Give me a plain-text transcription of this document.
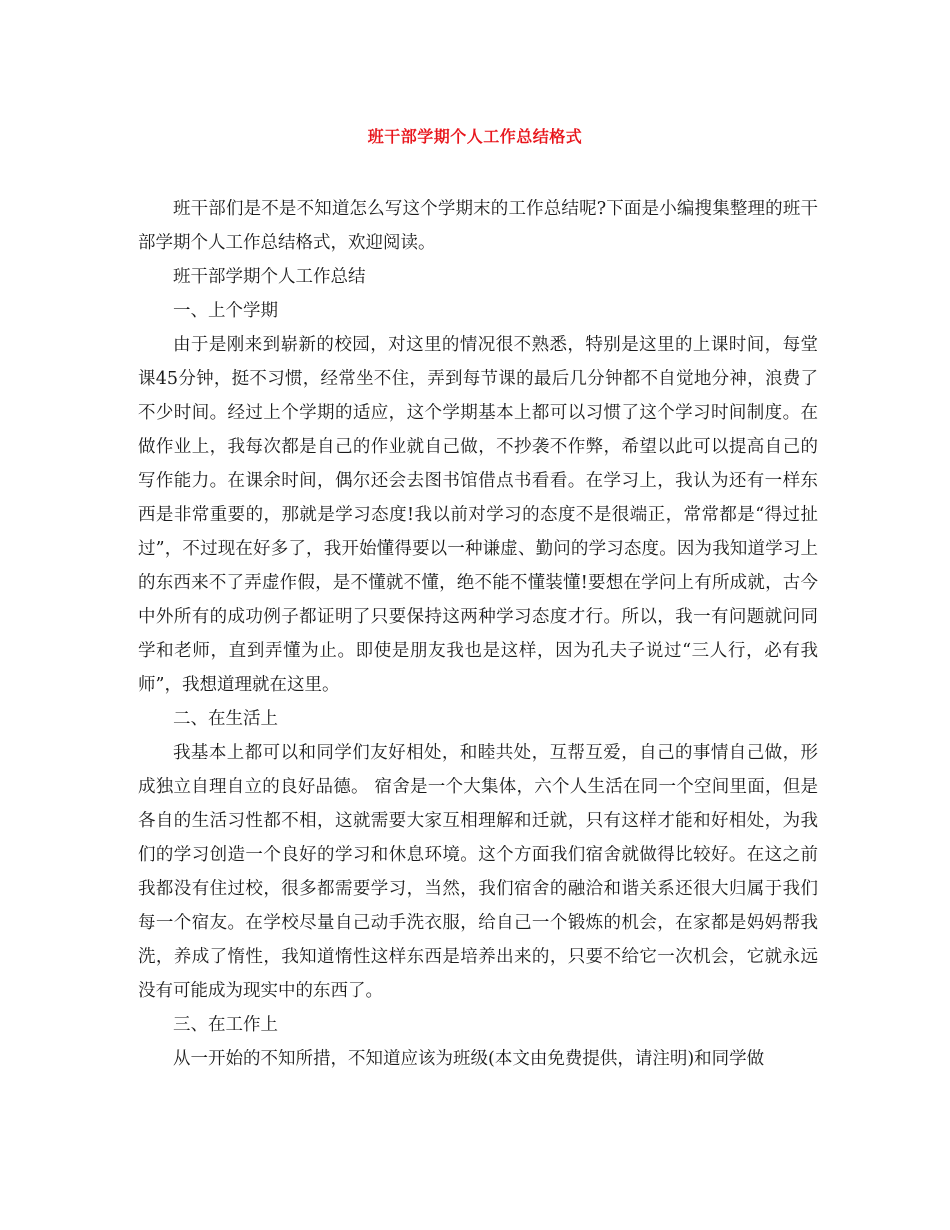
班干部学期个人工作总结格式

班干部们是不是不知道怎么写这个学期末的工作总结呢?下面是小编搜集整理的班干部学期个人工作总结格式，欢迎阅读。

班干部学期个人工作总结

一、上个学期

由于是刚来到崭新的校园，对这里的情况很不熟悉，特别是这里的上课时间，每堂课45分钟，挺不习惯，经常坐不住，弄到每节课的最后几分钟都不自觉地分神，浪费了不少时间。经过上个学期的适应，这个学期基本上都可以习惯了这个学习时间制度。在做作业上，我每次都是自己的作业就自己做，不抄袭不作弊，希望以此可以提高自己的写作能力。在课余时间，偶尔还会去图书馆借点书看看。在学习上，我认为还有一样东西是非常重要的，那就是学习态度!我以前对学习的态度不是很端正，常常都是“得过扯过”，不过现在好多了，我开始懂得要以一种谦虚、勤问的学习态度。因为我知道学习上的东西来不了弄虚作假，是不懂就不懂，绝不能不懂装懂!要想在学问上有所成就，古今中外所有的成功例子都证明了只要保持这两种学习态度才行。所以，我一有问题就问同学和老师，直到弄懂为止。即使是朋友我也是这样，因为孔夫子说过“三人行，必有我师”，我想道理就在这里。

二、在生活上

我基本上都可以和同学们友好相处，和睦共处，互帮互爱，自己的事情自己做，形成独立自理自立的良好品德。 宿舍是一个大集体，六个人生活在同一个空间里面，但是各自的生活习性都不相，这就需要大家互相理解和迁就，只有这样才能和好相处，为我们的学习创造一个良好的学习和休息环境。这个方面我们宿舍就做得比较好。在这之前我都没有住过校，很多都需要学习，当然，我们宿舍的融洽和谐关系还很大归属于我们每一个宿友。在学校尽量自己动手洗衣服，给自己一个锻炼的机会，在家都是妈妈帮我洗，养成了惰性，我知道惰性这样东西是培养出来的，只要不给它一次机会，它就永远没有可能成为现实中的东西了。

三、在工作上

从一开始的不知所措，不知道应该为班级(本文由免费提供，请注明)和同学做
